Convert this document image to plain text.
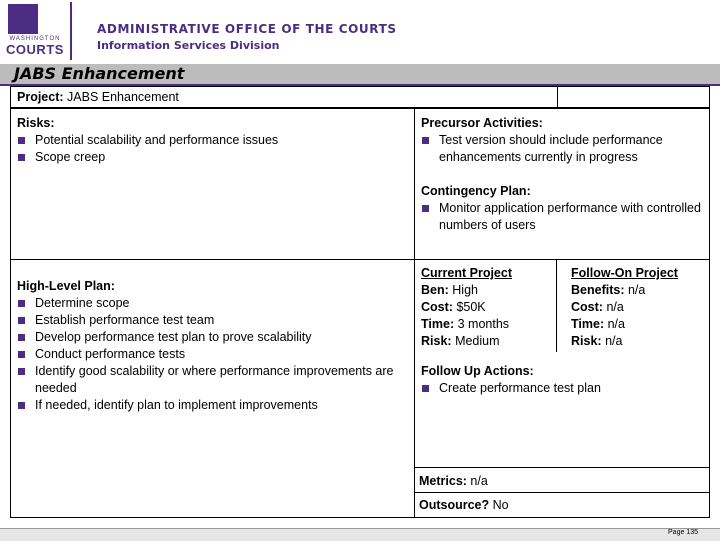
WASHINGTON
COURTS
ADMINISTRATIVE OFFICE OF THE COURTS
Information Services Division
JABS Enhancement
Project: JABS Enhancement
Risks:
Potential scalability and performance issues
Scope creep
High-Level Plan:
Determine scope
Establish performance test team
Develop performance test plan to prove scalability
Conduct performance tests
Identify good scalability or where performance improvements are needed
If needed, identify plan to implement improvements
Precursor Activities:
Test version should include performance enhancements currently in progress
Contingency Plan:
Monitor application performance with controlled numbers of users
Current Project
Ben: High
Cost: $50K
Time: 3 months
Risk: Medium
Follow-On Project
Benefits: n/a
Cost: n/a
Time: n/a
Risk: n/a
Follow Up Actions:
Create performance test plan
Metrics: n/a
Outsource? No
Page 135
